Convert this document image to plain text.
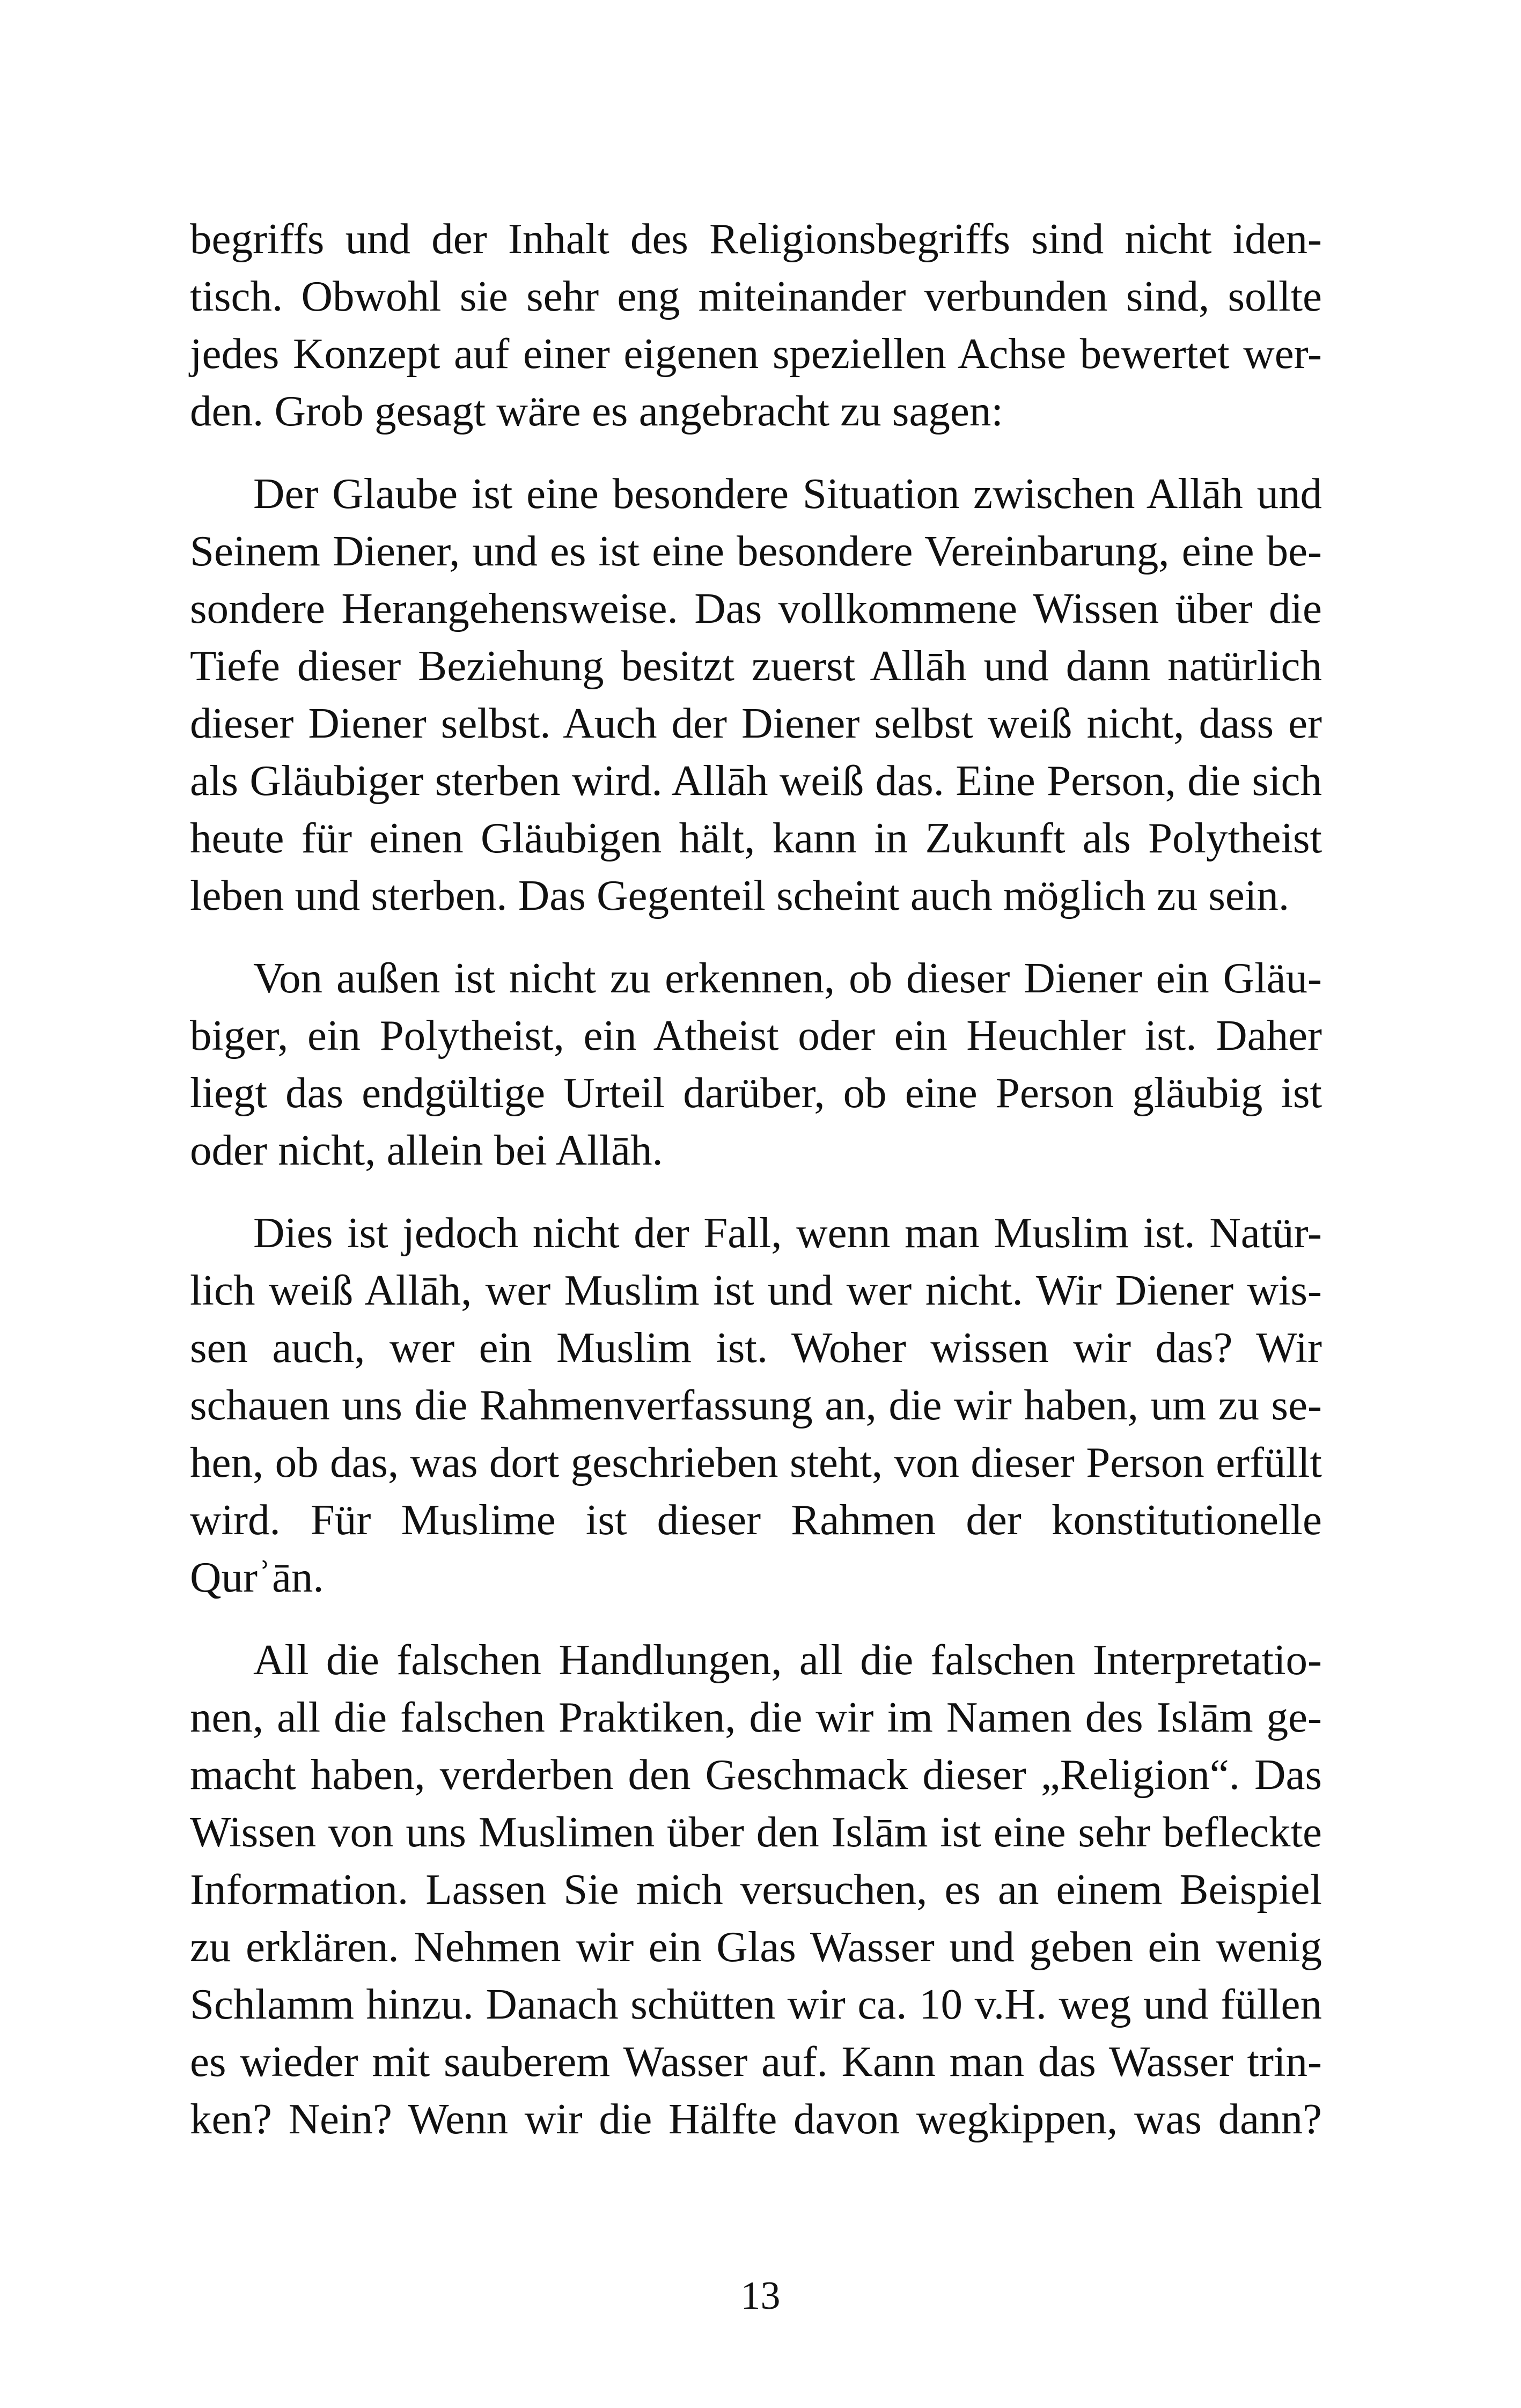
begriffs und der Inhalt des Religionsbegriffs sind nicht iden-
tisch. Obwohl sie sehr eng miteinander verbunden sind, sollte
jedes Konzept auf einer eigenen speziellen Achse bewertet wer-
den. Grob gesagt wäre es angebracht zu sagen:
Der Glaube ist eine besondere Situation zwischen Allāh und
Seinem Diener, und es ist eine besondere Vereinbarung, eine be-
sondere Herangehensweise. Das vollkommene Wissen über die
Tiefe dieser Beziehung besitzt zuerst Allāh und dann natürlich
dieser Diener selbst. Auch der Diener selbst weiß nicht, dass er
als Gläubiger sterben wird. Allāh weiß das. Eine Person, die sich
heute für einen Gläubigen hält, kann in Zukunft als Polytheist
leben und sterben. Das Gegenteil scheint auch möglich zu sein.
Von außen ist nicht zu erkennen, ob dieser Diener ein Gläu-
biger, ein Polytheist, ein Atheist oder ein Heuchler ist. Daher
liegt das endgültige Urteil darüber, ob eine Person gläubig ist
oder nicht, allein bei Allāh.
Dies ist jedoch nicht der Fall, wenn man Muslim ist. Natür-
lich weiß Allāh, wer Muslim ist und wer nicht. Wir Diener wis-
sen auch, wer ein Muslim ist. Woher wissen wir das? Wir
schauen uns die Rahmenverfassung an, die wir haben, um zu se-
hen, ob das, was dort geschrieben steht, von dieser Person erfüllt
wird. Für Muslime ist dieser Rahmen der konstitutionelle
Qurʾān.
All die falschen Handlungen, all die falschen Interpretatio-
nen, all die falschen Praktiken, die wir im Namen des Islām ge-
macht haben, verderben den Geschmack dieser „Religion“. Das
Wissen von uns Muslimen über den Islām ist eine sehr befleckte
Information. Lassen Sie mich versuchen, es an einem Beispiel
zu erklären. Nehmen wir ein Glas Wasser und geben ein wenig
Schlamm hinzu. Danach schütten wir ca. 10 v.H. weg und füllen
es wieder mit sauberem Wasser auf. Kann man das Wasser trin-
ken? Nein? Wenn wir die Hälfte davon wegkippen, was dann?
13
